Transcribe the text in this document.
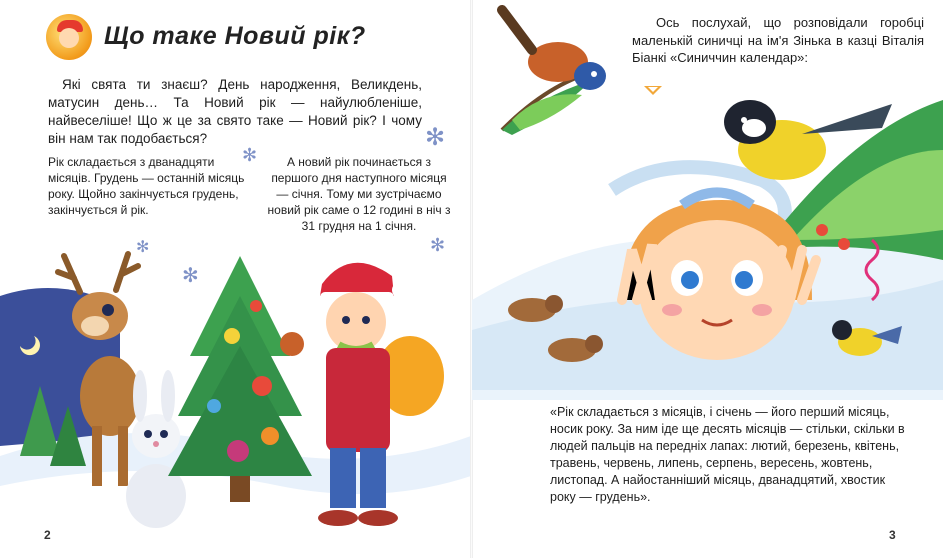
Що таке Новий рік?
Які свята ти знаєш? День народження, Великдень, матусин день… Та Новий рік — найулюбленіше, найвеселіше! Що ж це за свято таке — Новий рік? І чому він нам так подобається?	✻
✻
✻
✻
✻
Рік складається з дванадцяти місяців. Грудень — останній місяць року. Щойно закінчується грудень, закінчується й рік.
А новий рік починається з першого дня наступного місяця — січня. Тому ми зустрічаємо новий рік саме о 12 годині в ніч з 31 грудня на 1 січня.
2
Ось послухай, що розповідали горобці маленькій синичці на ім'я Зінька в казці Віталія Біанкі «Синиччин календар»:
«Рік складається з місяців, і січень — його перший місяць, носик року. За ним іде ще десять місяців — стільки, скільки в людей пальців на передніх лапах: лютий, березень, квітень, травень, червень, липень, серпень, вересень, жовтень, листопад. А найостанніший місяць, дванадцятий, хвостик року — грудень».
3
